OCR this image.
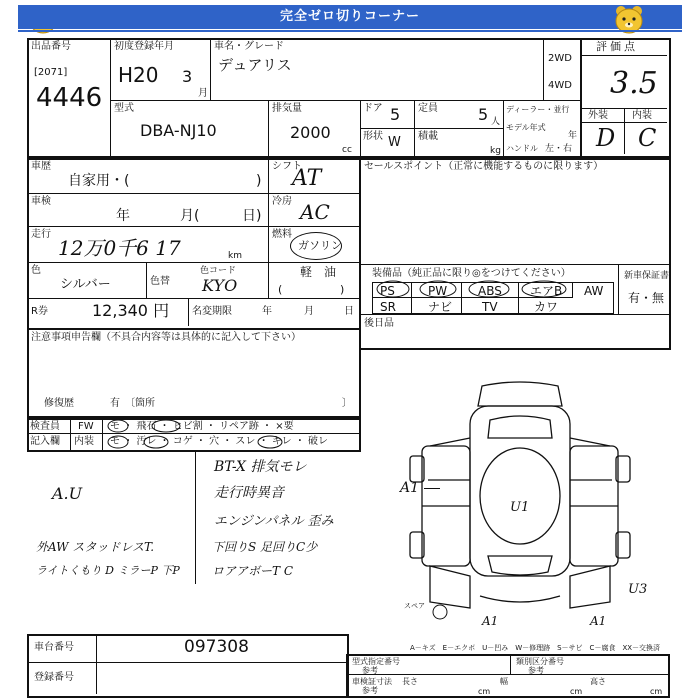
完全ゼロ切りコーナー
出品番号
[2071]
4446
初度登録年月
H20 3
月
車名・グレード
デュアリス	2WD
4WD
評価点
3.5
外装 内装
D C
型式
DBA-NJ10
排気量
2000
cc
ドア 5 定員	5 人
形状 W 積載
kg
ディーラー・並行
モデル年式
年
ハンドル 左・右
車歴
自家用・(	)
シフト
AT
車検
年	月(	日)
冷房 AC
走行
12万0千6 17	km
燃料
ガソリン
軽　油
(	)
色
シルバー	色替
色コード
KYO
R券	12,340 円 名変期限	年	月	日
セールスポイント（正常に機能するものに限ります）
装備品（純正品に限り◎をつけてください）	新車保証書
有・無
PS	PW	ABS エアB AW
SR	ナビ TV	カワ
後日品
注意事項申告欄（不具合内容等は具体的に記入して下さい）
修復歴	有　〔箇所	〕
検査員
記入欄
FW
内装
モ ・ 飛石 ・ ヒビ割 ・ リペア跡 ・ ×要
モ ・ 汚レ ・ コゲ ・ 穴 ・ スレ ・ キレ ・ 破レ
A.U
BT-X 排気モレ
走行時異音
エンジンパネル 歪み
外AW スタッドレスT.	下回りS 足回りC少
ライトくもり D ミラーP 下P	ロアアボーT C
A1
U1
U3
A1	A1
スペア
A－キズ　E－エクボ　U－凹み　W－修理跡　S－サビ　C－腐食　XX－交換済
車台番号	097308
登録番号
型式指定番号
参考
類別区分番号
参考
車検証寸法
参考
長さ
cm
幅
cm
高さ
cm
